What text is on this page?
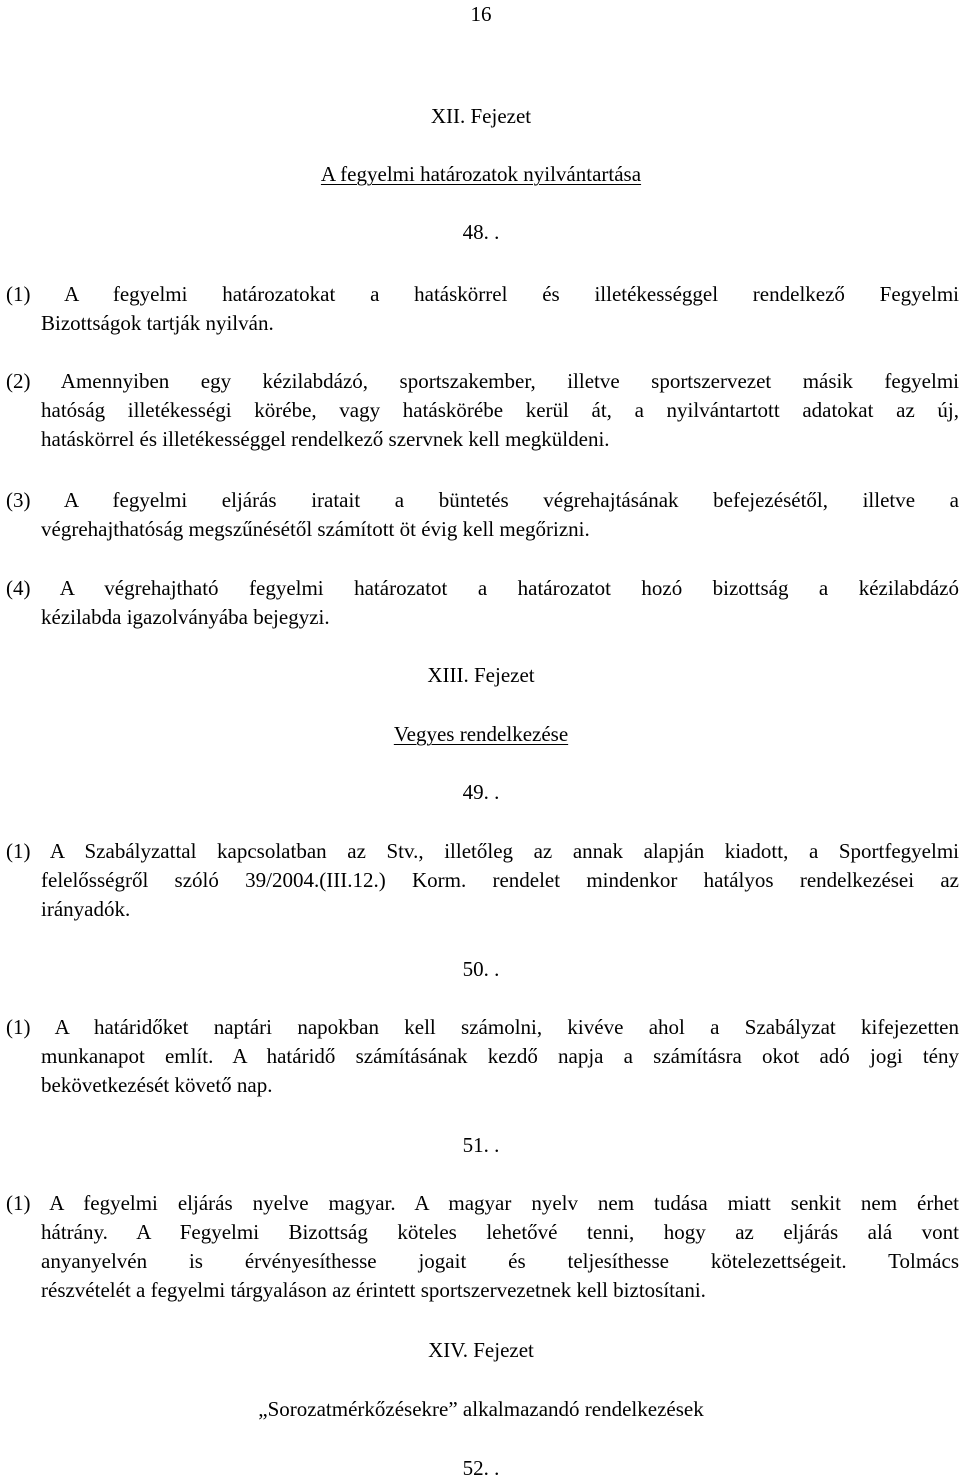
16
XII. Fejezet
A fegyelmi határozatok nyilvántartása
48. .
(1) A fegyelmi határozatokat a hatáskörrel és illetékességgel rendelkező Fegyelmi
Bizottságok tartják nyilván.
(2) Amennyiben egy kézilabdázó, sportszakember, illetve sportszervezet másik fegyelmi
hatóság illetékességi körébe, vagy hatáskörébe kerül át, a nyilvántartott adatokat az új,
hatáskörrel és illetékességgel rendelkező szervnek kell megküldeni.
(3) A fegyelmi eljárás iratait a büntetés végrehajtásának befejezésétől, illetve a
végrehajthatóság megszűnésétől számított öt évig kell megőrizni.
(4) A végrehajtható fegyelmi határozatot a határozatot hozó bizottság a kézilabdázó
kézilabda igazolványába bejegyzi.
XIII. Fejezet
Vegyes rendelkezése
49. .
(1) A Szabályzattal kapcsolatban az Stv., illetőleg az annak alapján kiadott, a Sportfegyelmi
felelősségről szóló 39/2004.(III.12.) Korm. rendelet mindenkor hatályos rendelkezései az
irányadók.
50. .
(1) A határidőket naptári napokban kell számolni, kivéve ahol a Szabályzat kifejezetten
munkanapot említ. A határidő számításának kezdő napja a számításra okot adó jogi tény
bekövetkezését követő nap.
51. .
(1) A fegyelmi eljárás nyelve magyar. A magyar nyelv nem tudása miatt senkit nem érhet
hátrány. A Fegyelmi Bizottság köteles lehetővé tenni, hogy az eljárás alá vont
anyanyelvén is érvényesíthesse jogait és teljesíthesse kötelezettségeit. Tolmács
részvételét a fegyelmi tárgyaláson az érintett sportszervezetnek kell biztosítani.
XIV. Fejezet
„Sorozatmérkőzésekre” alkalmazandó rendelkezések
52. .
